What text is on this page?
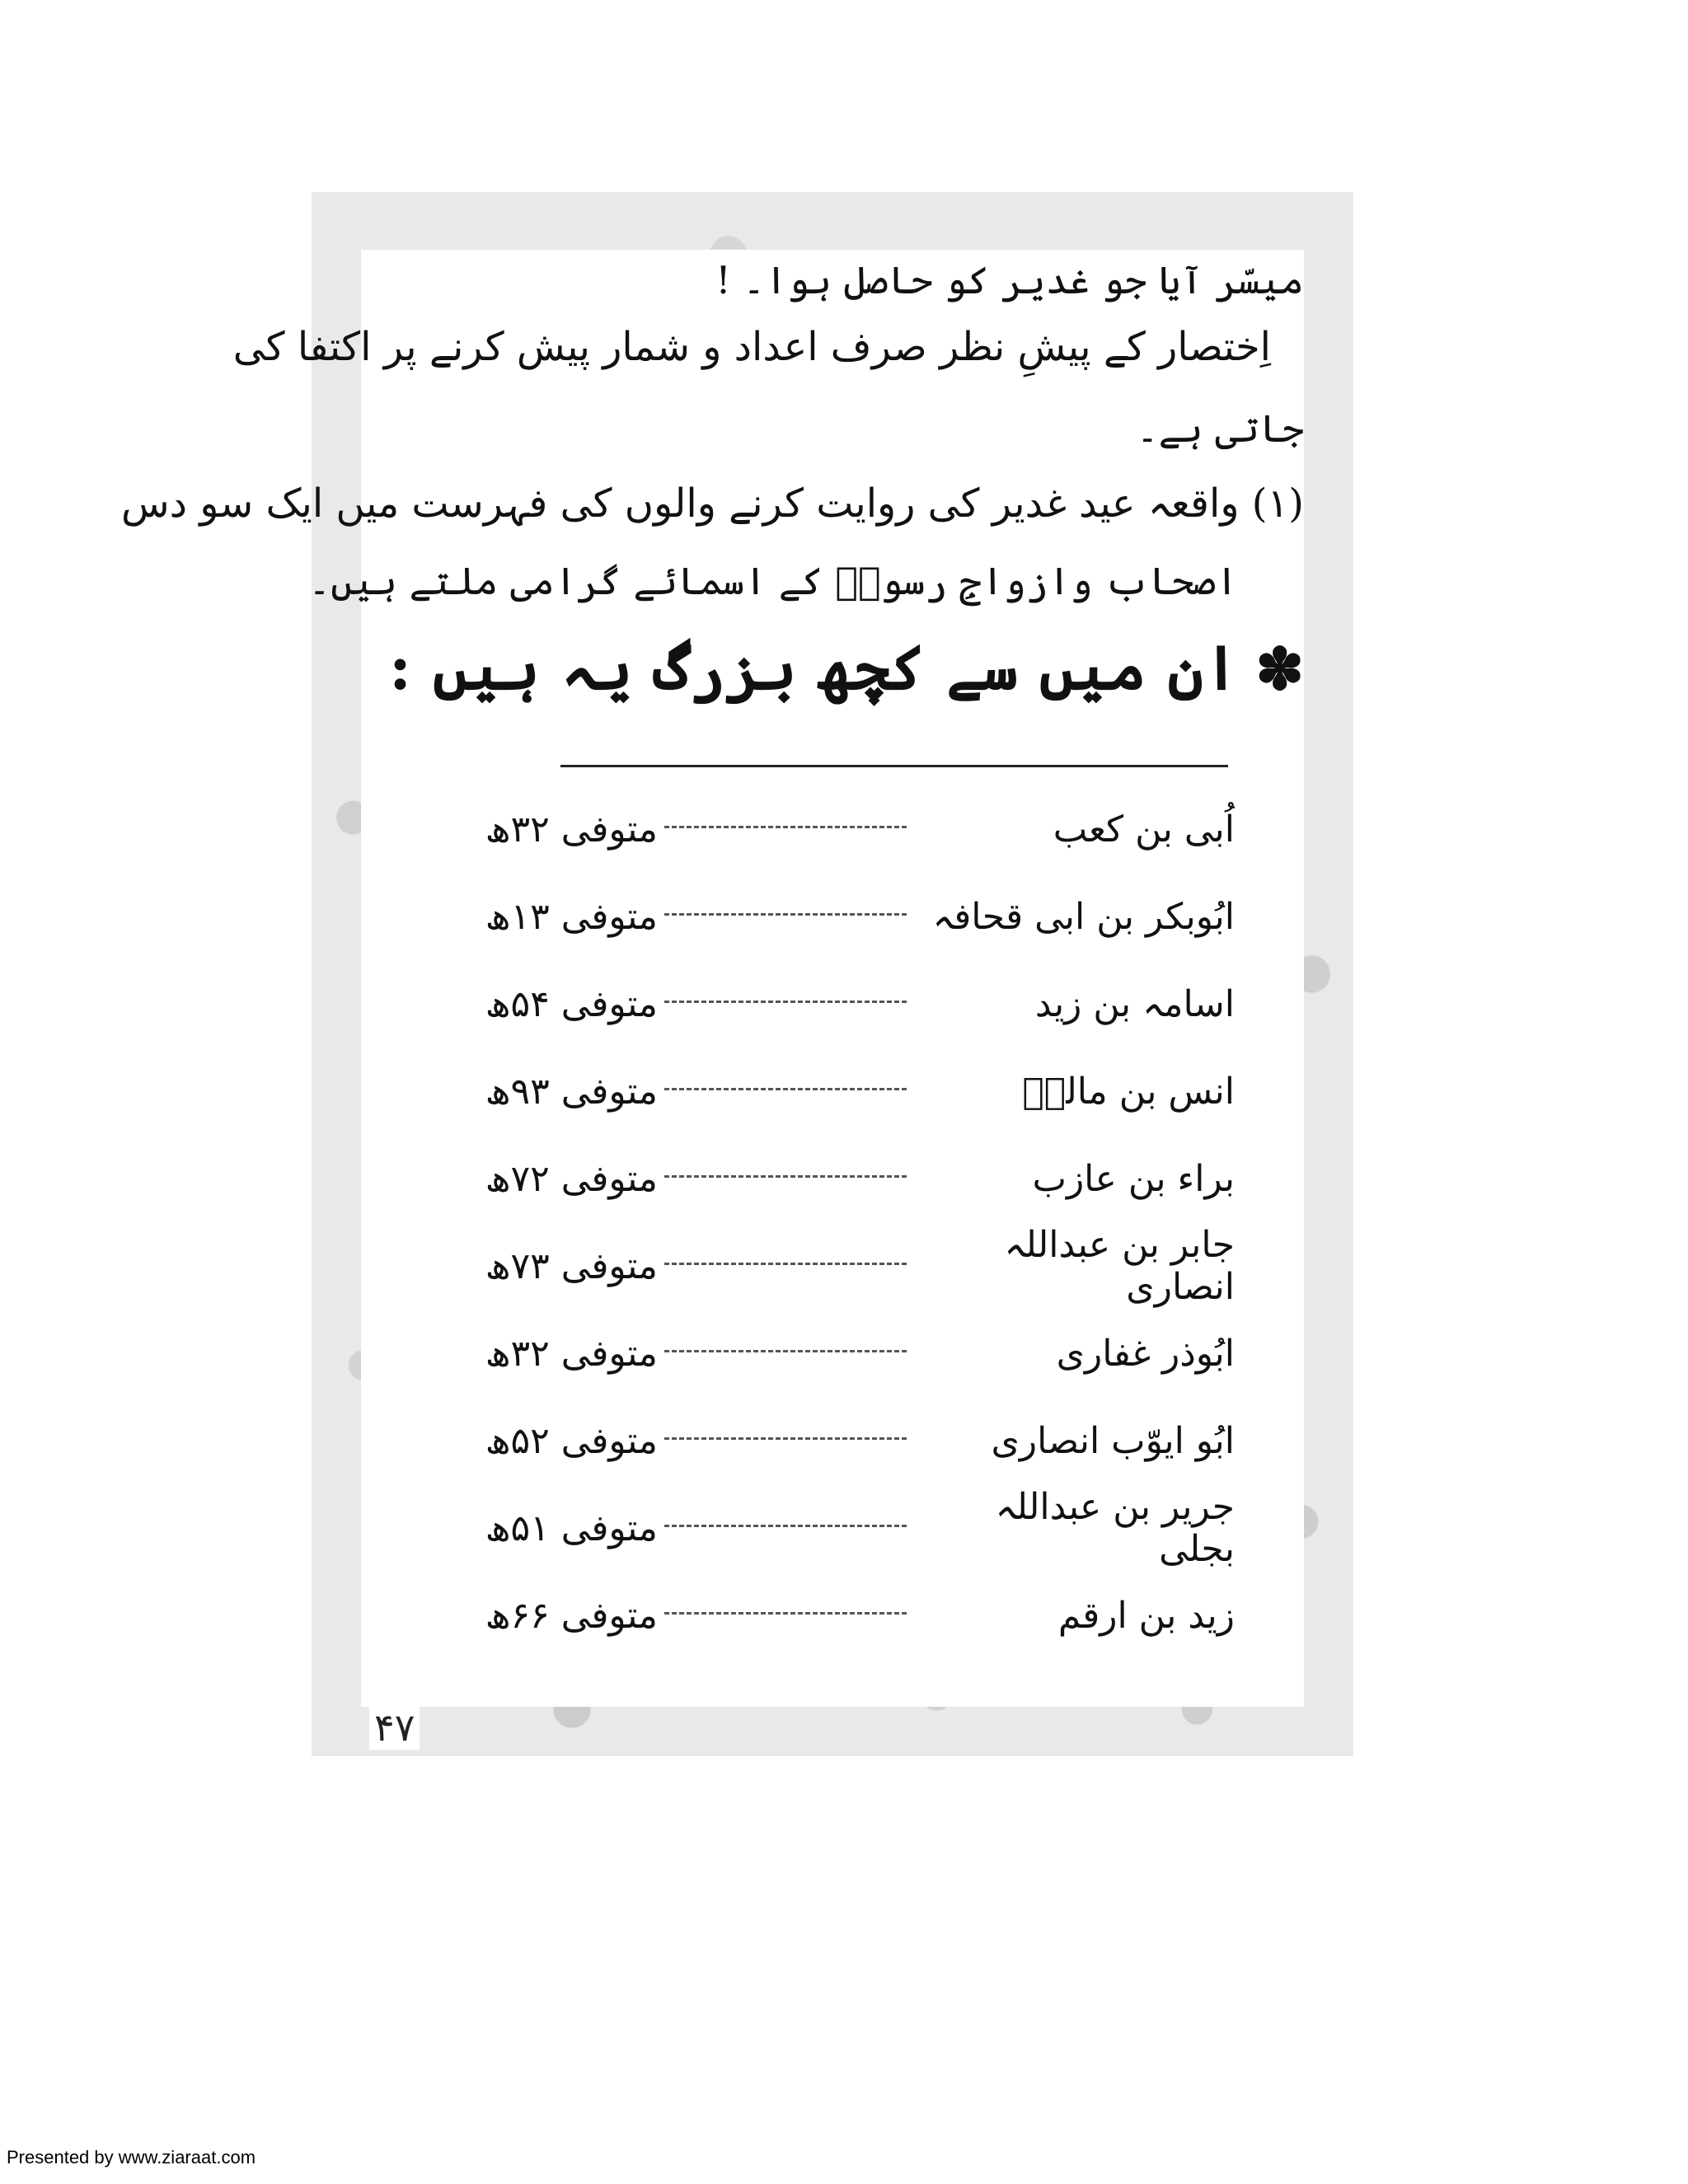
میسّر آیا جو غدیر کو حاصل ہوا۔ !
اِختصار کے پیشِ نظر صرف اعداد و شمار پیش کرنے پر اکتفا کی
جاتی ہے۔
(۱) واقعہ عید غدیر کی روایت کرنے والوں کی فہرست میں ایک سو دس
اصحاب وازواجِ رسولؐ کے اسمائے گرامی ملتے ہیں۔
✽
ان میں سے کچھ بزرگ یہ ہیں :
اُبی بن کعب
متوفی ۳۲ھ
ابُوبکر بن ابی قحافہ
متوفی ۱۳ھ
اسامہ بن زید
متوفی ۵۴ھ
انس بن مالکؓ
متوفی ۹۳ھ
براء بن عازب
متوفی ۷۲ھ
جابر بن عبداللہ انصاری
متوفی ۷۳ھ
ابُوذر غفاری
متوفی ۳۲ھ
ابُو ایوّب انصاری
متوفی ۵۲ھ
جریر بن عبداللہ بجلی
متوفی ۵۱ھ
زید بن ارقم
متوفی ۶۶ھ
۴۷
Presented by www.ziaraat.com
